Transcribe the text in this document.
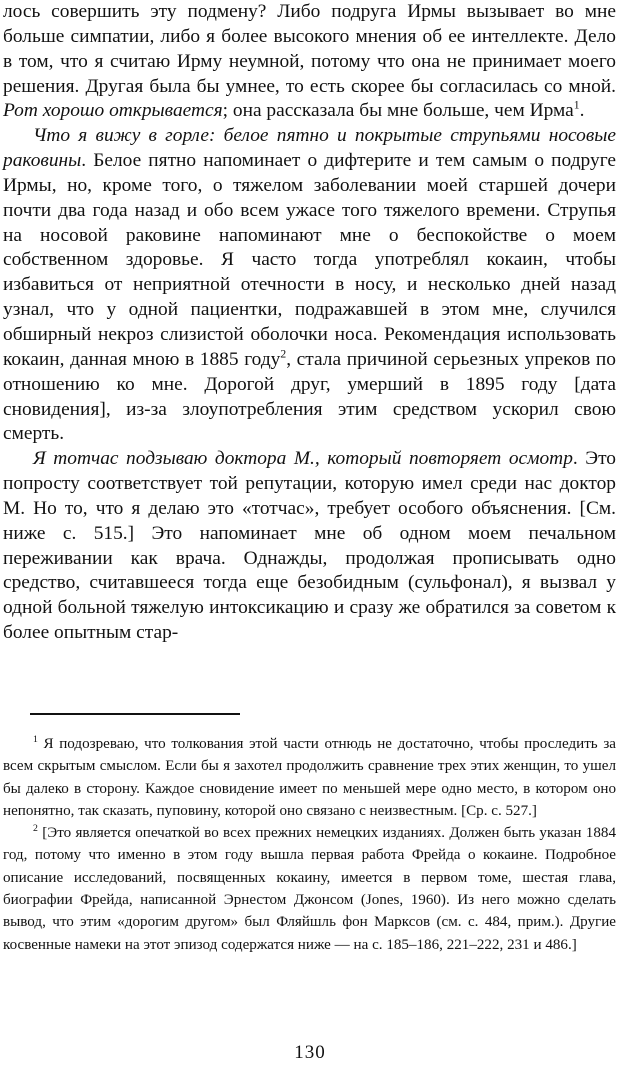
лось совершить эту подмену? Либо подруга Ирмы вызывает во мне больше симпатии, либо я более высокого мнения об ее интеллекте. Дело в том, что я считаю Ирму неумной, потому что она не принимает моего решения. Другая была бы умнее, то есть скорее бы согласилась со мной. Рот хорошо открывается; она рассказала бы мне больше, чем Ирма$^1$.

Что я вижу в горле: белое пятно и покрытые струпьями носовые раковины. Белое пятно напоминает о дифтерите и тем самым о подруге Ирмы, но, кроме того, о тяжелом заболевании моей старшей дочери почти два года назад и обо всем ужасе того тяжелого времени. Струпья на носовой раковине напоминают мне о беспокойстве о моем собственном здоровье. Я часто тогда употреблял кокаин, чтобы избавиться от неприятной отечности в носу, и несколько дней назад узнал, что у одной пациентки, подражавшей в этом мне, случился обширный некроз слизистой оболочки носа. Рекомендация использовать кокаин, данная мною в 1885 году$^2$, стала причиной серьезных упреков по отношению ко мне. Дорогой друг, умерший в 1895 году [дата сновидения], из-за злоупотребления этим средством ускорил свою смерть.

Я тотчас подзываю доктора М., который повторяет осмотр. Это попросту соответствует той репутации, которую имел среди нас доктор М. Но то, что я делаю это «тотчас», требует особого объяснения. [См. ниже с. 515.] Это напоминает мне об одном моем печальном переживании как врача. Однажды, продолжая прописывать одно средство, считавшееся тогда еще безобидным (сульфонал), я вызвал у одной больной тяжелую интоксикацию и сразу же обратился за советом к более опытным стар-

$^1$ Я подозреваю, что толкования этой части отнюдь не достаточно, чтобы проследить за всем скрытым смыслом. Если бы я захотел продолжить сравнение трех этих женщин, то ушел бы далеко в сторону. Каждое сновидение имеет по меньшей мере одно место, в котором оно непонятно, так сказать, пуповину, которой оно связано с неизвестным. [Ср. с. 527.]

$^2$ [Это является опечаткой во всех прежних немецких изданиях. Должен быть указан 1884 год, потому что именно в этом году вышла первая работа Фрейда о кокаине. Подробное описание исследований, посвященных кокаину, имеется в первом томе, шестая глава, биографии Фрейда, написанной Эрнестом Джонсом (Jones, 1960). Из него можно сделать вывод, что этим «дорогим другом» был Фляйшль фон Марксов (см. с. 484, прим.). Другие косвенные намеки на этот эпизод содержатся ниже — на с. 185–186, 221–222, 231 и 486.]

130
